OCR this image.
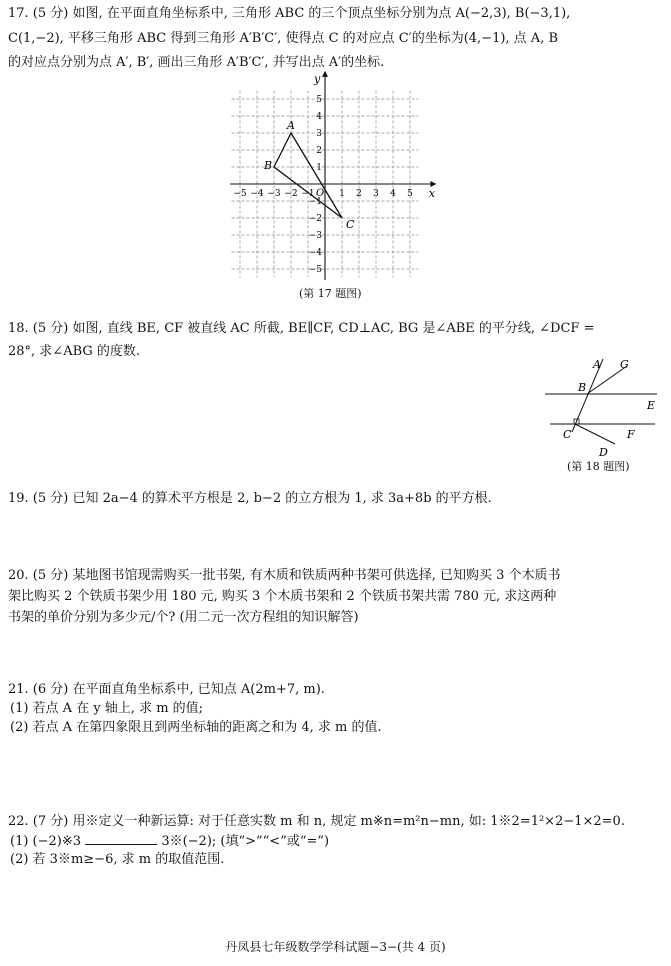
17. (5 分) 如图, 在平面直角坐标系中, 三角形 ABC 的三个顶点坐标分别为点 A(−2,3), B(−3,1),
C(1,−2), 平移三角形 ABC 得到三角形 A′B′C′, 使得点 C 的对应点 C′的坐标为(4,−1), 点 A, B
的对应点分别为点 A′, B′, 画出三角形 A′B′C′, 并写出点 A′的坐标.
x
y
O
−5 −4 −3 −2 −1	1 2 3 4 5
5
4
3
2
1
−1
−2
−3
−4
−5
A
B
C
(第 17 题图)
18. (5 分) 如图, 直线 BE, CF 被直线 AC 所截, BE∥CF, CD⊥AC, BG 是∠ABE 的平分线, ∠DCF =
28°, 求∠ABG 的度数.
A G
B
E
C	F
D
(第 18 题图)
19. (5 分) 已知 2a−4 的算术平方根是 2, b−2 的立方根为 1, 求 3a+8b 的平方根.
20. (5 分) 某地图书馆现需购买一批书架, 有木质和铁质两种书架可供选择, 已知购买 3 个木质书
架比购买 2 个铁质书架少用 180 元, 购买 3 个木质书架和 2 个铁质书架共需 780 元, 求这两种
书架的单价分别为多少元/个? (用二元一次方程组的知识解答)
21. (6 分) 在平面直角坐标系中, 已知点 A(2m+7, m).
(1) 若点 A 在 y 轴上, 求 m 的值;
(2) 若点 A 在第四象限且到两坐标轴的距离之和为 4, 求 m 的值.
22. (7 分) 用※定义一种新运算: 对于任意实数 m 和 n, 规定 m※n=m²n−mn, 如: 1※2=1²×2−1×2=0.
(1) (−2)※3	3※(−2); (填“>”“<”或“=”)
(2) 若 3※m≥−6, 求 m 的取值范围.
丹凤县七年级数学学科试题−3−(共 4 页)
